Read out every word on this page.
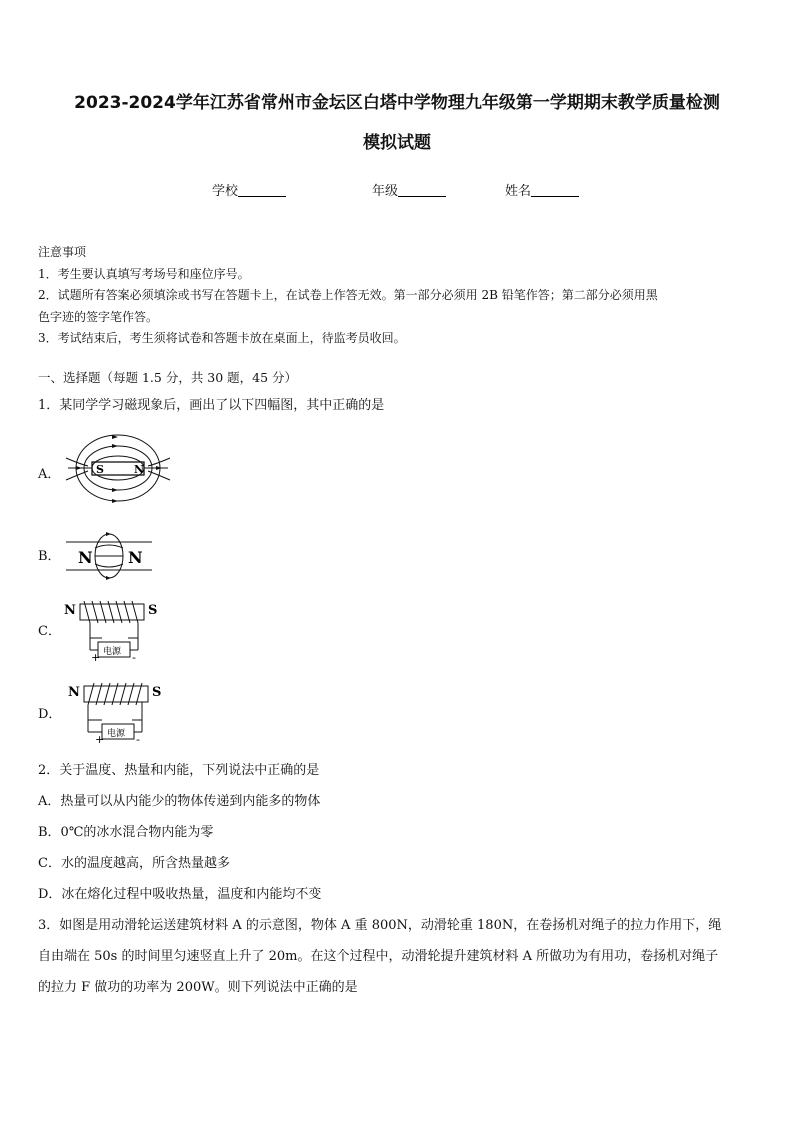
2023-2024学年江苏省常州市金坛区白塔中学物理九年级第一学期期末教学质量检测
模拟试题
学校	年级	姓名
注意事项
1．考生要认真填写考场号和座位序号。
2．试题所有答案必须填涂或书写在答题卡上，在试卷上作答无效。第一部分必须用 2B 铅笔作答；第二部分必须用黑
色字迹的签字笔作答。
3．考试结束后，考生须将试卷和答题卡放在桌面上，待监考员收回。
一、选择题（每题 1.5 分，共 30 题，45 分）
1．某同学学习磁现象后，画出了以下四幅图，其中正确的是
A．
B．
C．
D．
S	N
N N
N	S
电源
+	-
N	S
电源
+	-
2．关于温度、热量和内能，下列说法中正确的是
A．热量可以从内能少的物体传递到内能多的物体
B．0℃的冰水混合物内能为零
C．水的温度越高，所含热量越多
D．冰在熔化过程中吸收热量，温度和内能均不变
3．如图是用动滑轮运送建筑材料 A 的示意图，物体 A 重 800N，动滑轮重 180N，在卷扬机对绳子的拉力作用下，绳
自由端在 50s 的时间里匀速竖直上升了 20m。在这个过程中，动滑轮提升建筑材料 A 所做功为有用功，卷扬机对绳子
的拉力 F 做功的功率为 200W。则下列说法中正确的是
